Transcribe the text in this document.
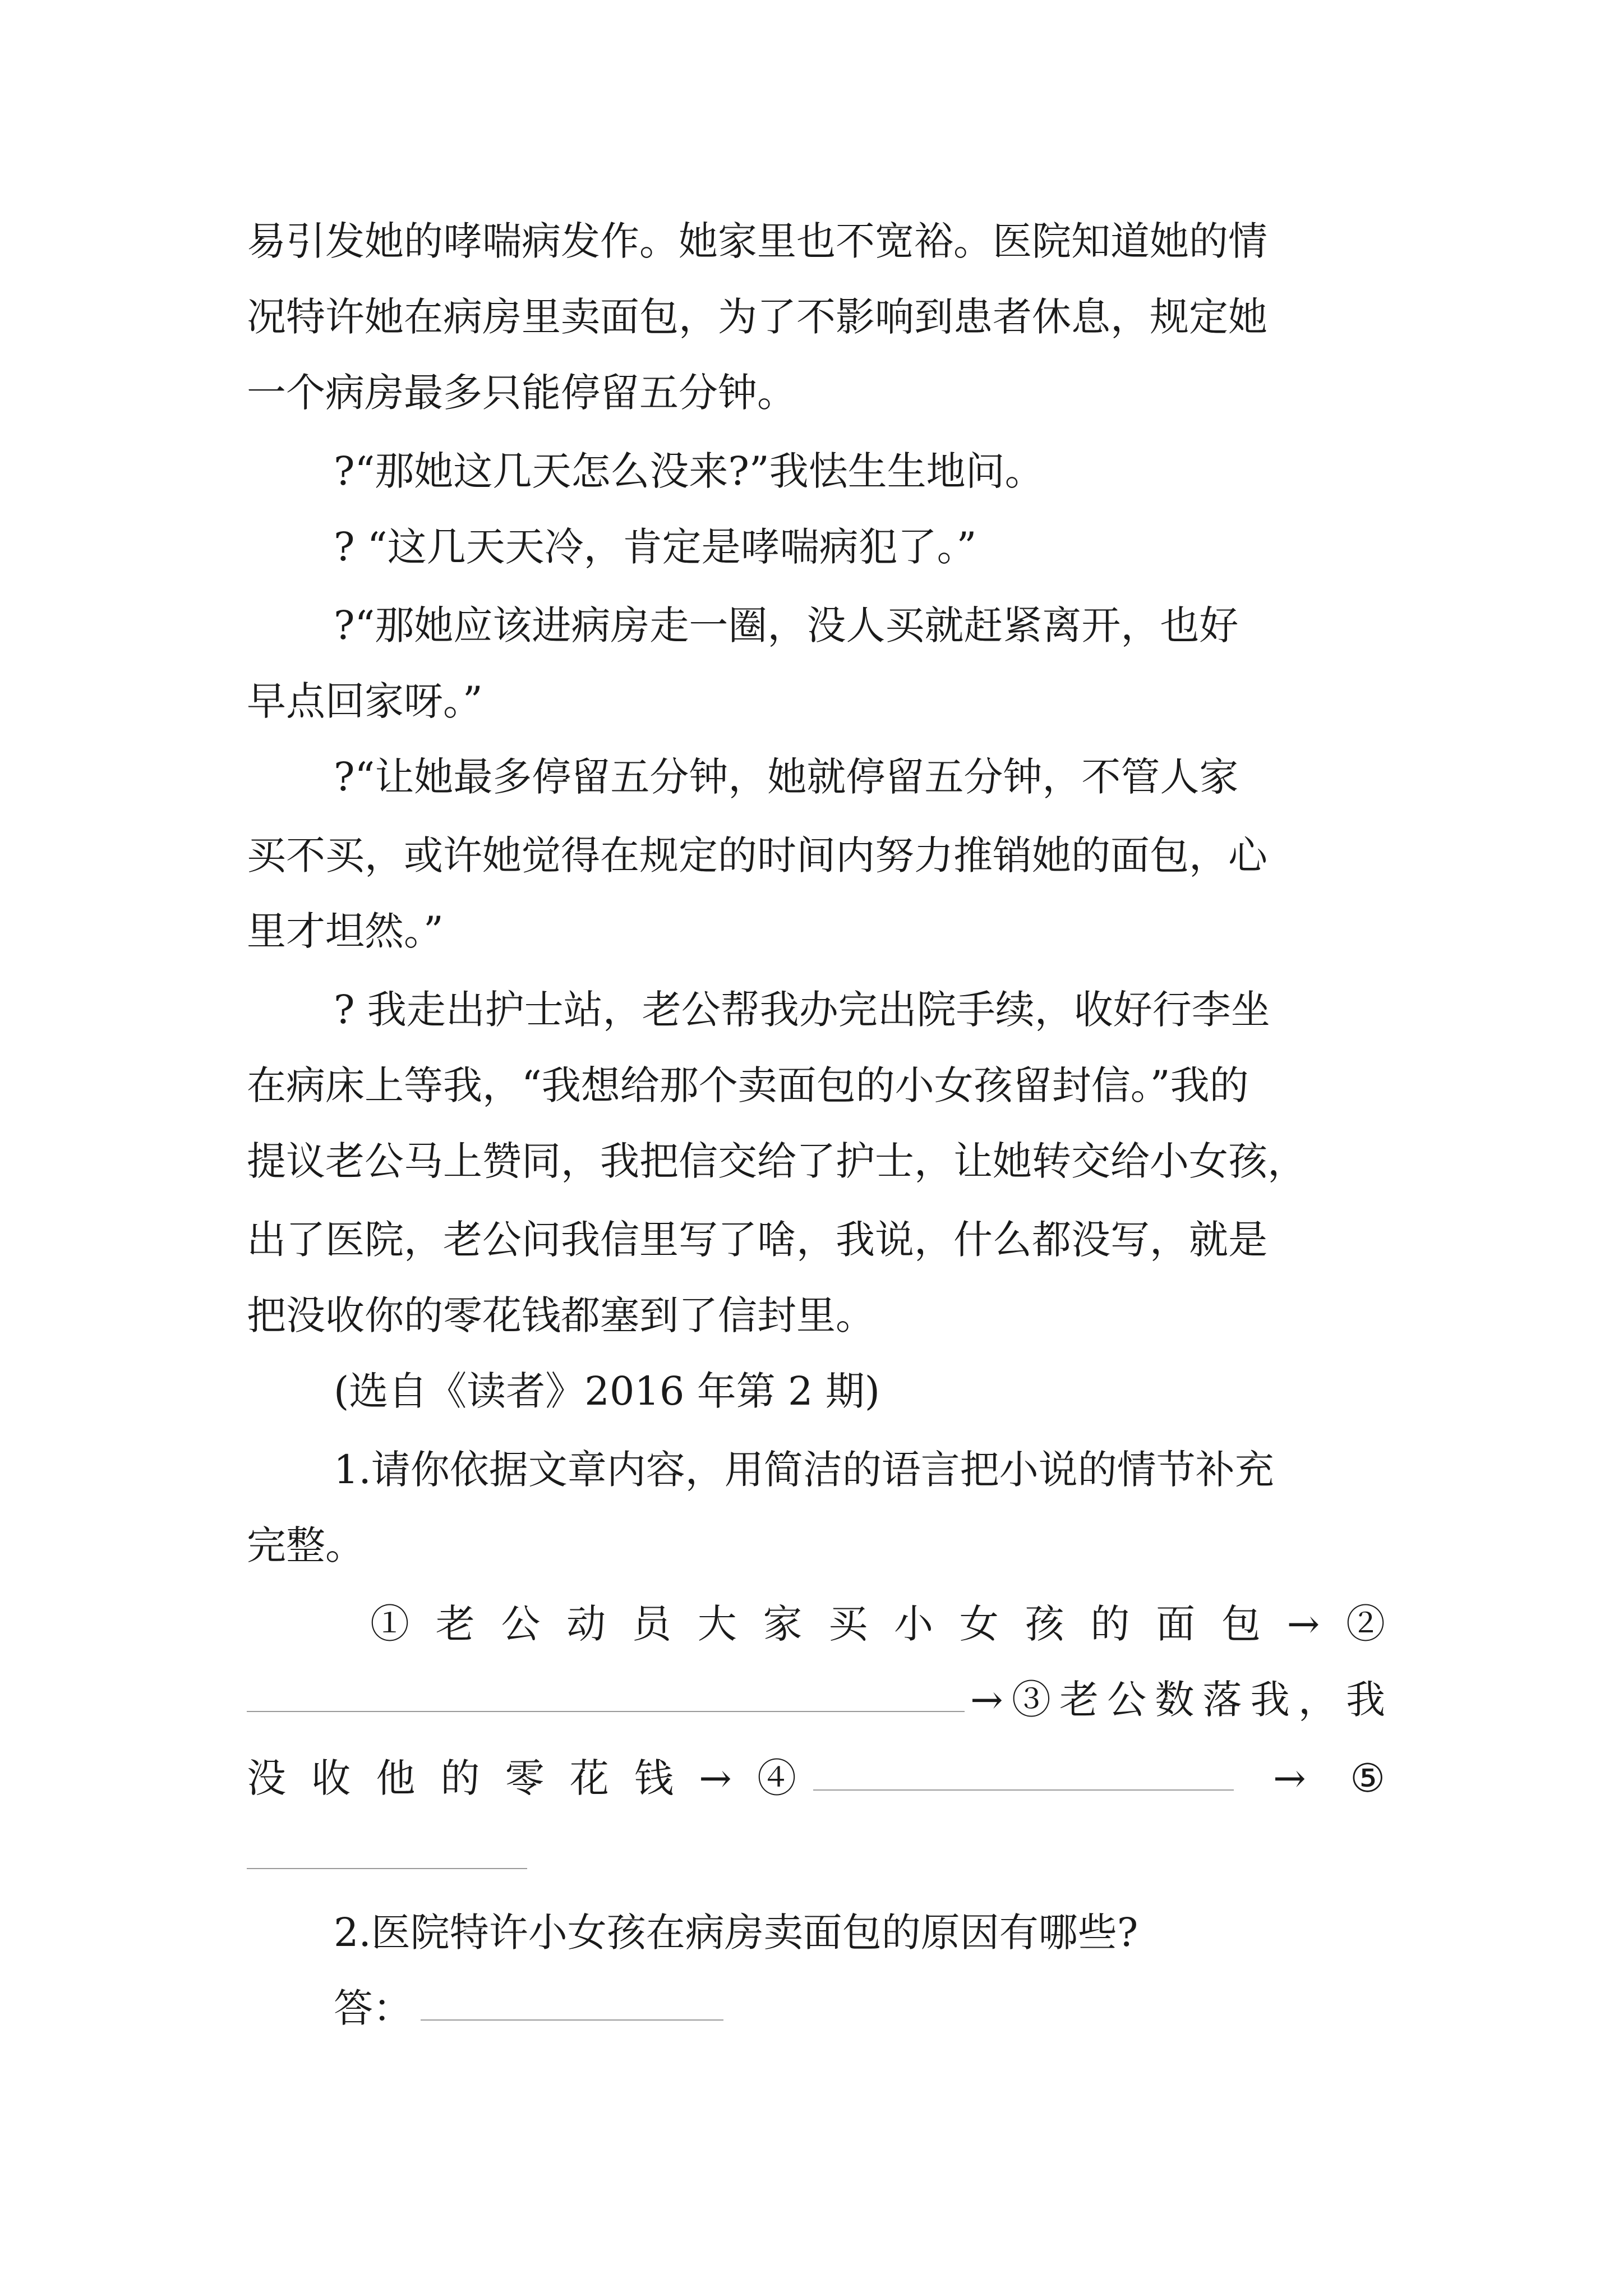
易引发她的哮喘病发作。她家里也不宽裕。医院知道她的情
况特许她在病房里卖面包，为了不影响到患者休息，规定她
一个病房最多只能停留五分钟。
?“那她这几天怎么没来?”我怯生生地问。
? “这几天天冷，肯定是哮喘病犯了。”
?“那她应该进病房走一圈，没人买就赶紧离开，也好
早点回家呀。”
?“让她最多停留五分钟，她就停留五分钟，不管人家
买不买，或许她觉得在规定的时间内努力推销她的面包，心
里才坦然。”
? 我走出护士站，老公帮我办完出院手续，收好行李坐
在病床上等我，“我想给那个卖面包的小女孩留封信。”我的
提议老公马上赞同，我把信交给了护士，让她转交给小女孩，
出了医院，老公问我信里写了啥，我说，什么都没写，就是
把没收你的零花钱都塞到了信封里。
(选自《读者》2016 年第 2 期)
1.请你依据文章内容，用简洁的语言把小说的情节补充
完整。
①老公动员大家买小女孩的面包→②
→③老公数落我，我
没收他的零花钱→④	→⑤
2.医院特许小女孩在病房卖面包的原因有哪些?
答：
